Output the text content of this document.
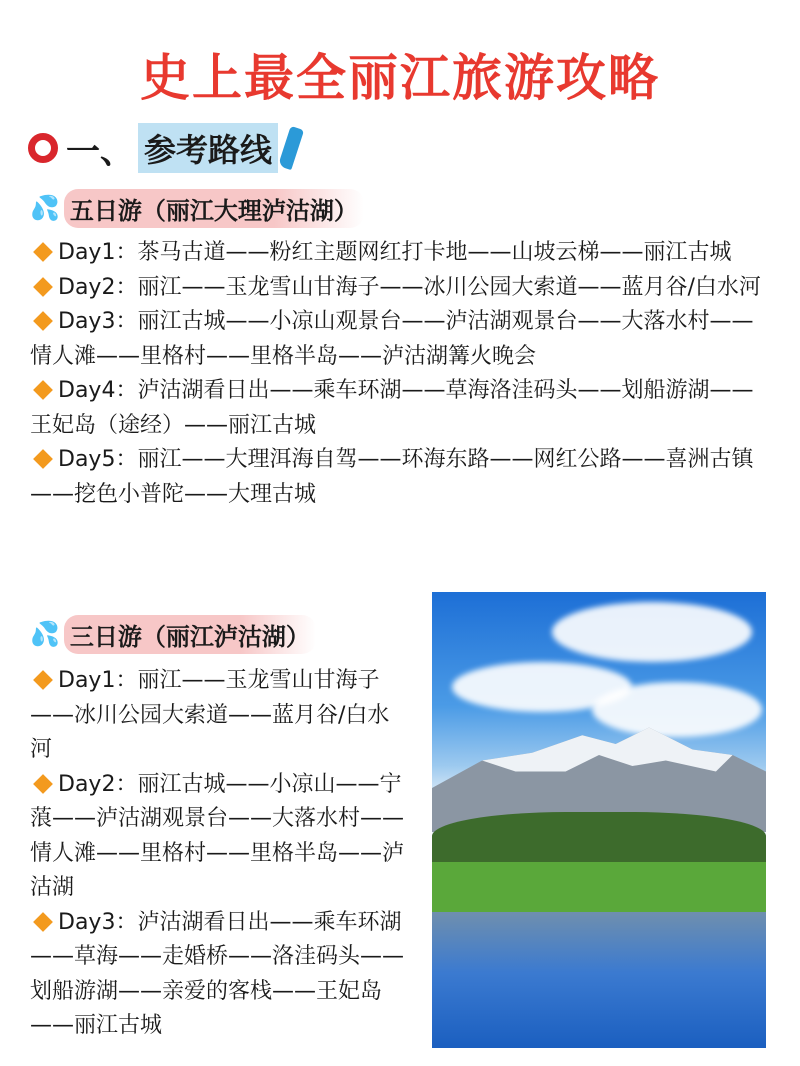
史上最全丽江旅游攻略
一、 参考路线
💦 五日游（丽江大理泸沽湖）

Day1：茶马古道——粉红主题网红打卡地——山坡云梯——丽江古城

Day2：丽江——玉龙雪山甘海子——冰川公园大索道——蓝月谷/白水河

Day3：丽江古城——小凉山观景台——泸沽湖观景台——大落水村——情人滩——里格村——里格半岛——泸沽湖篝火晚会

Day4：泸沽湖看日出——乘车环湖——草海洛洼码头——划船游湖——王妃岛（途经）——丽江古城

Day5：丽江——大理洱海自驾——环海东路——网红公路——喜洲古镇——挖色小普陀——大理古城

💦 三日游（丽江泸沽湖）

Day1：丽江——玉龙雪山甘海子——冰川公园大索道——蓝月谷/白水河

Day2：丽江古城——小凉山——宁蒗——泸沽湖观景台——大落水村——情人滩——里格村——里格半岛——泸沽湖

Day3：泸沽湖看日出——乘车环湖——草海——走婚桥——洛洼码头——划船游湖——亲爱的客栈——王妃岛——丽江古城
